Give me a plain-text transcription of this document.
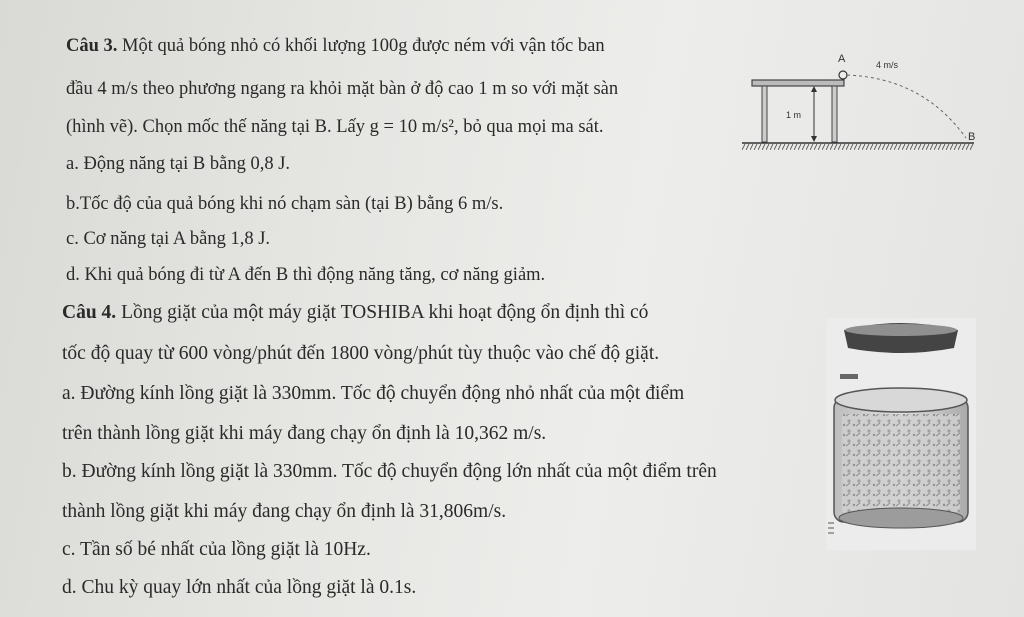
Câu 3. Một quả bóng nhỏ có khối lượng 100g được ném với vận tốc ban
đầu 4 m/s theo phương ngang ra khỏi mặt bàn ở độ cao 1 m so với mặt sàn
(hình vẽ). Chọn mốc thế năng tại B. Lấy g = 10 m/s², bỏ qua mọi ma sát.
a. Động năng tại B bằng 0,8 J.
b.Tốc độ của quả bóng khi nó chạm sàn (tại B) bằng 6 m/s.
c. Cơ năng tại A bằng 1,8 J.
d. Khi quả bóng đi từ A đến B thì động năng tăng, cơ năng giảm.
1 m
A	4 m/s
B
Câu 4. Lồng giặt của một máy giặt TOSHIBA khi hoạt động ổn định thì có
tốc độ quay từ 600 vòng/phút đến 1800 vòng/phút tùy thuộc vào chế độ giặt.
a. Đường kính lồng giặt là 330mm. Tốc độ chuyển động nhỏ nhất của một điểm
trên thành lồng giặt khi máy đang chạy ổn định là 10,362 m/s.
b. Đường kính lồng giặt là 330mm. Tốc độ chuyển động lớn nhất của một điểm trên
thành lồng giặt khi máy đang chạy ổn định là 31,806m/s.
c. Tần số bé nhất của lồng giặt là 10Hz.
d. Chu kỳ quay lớn nhất của lồng giặt là 0.1s.
